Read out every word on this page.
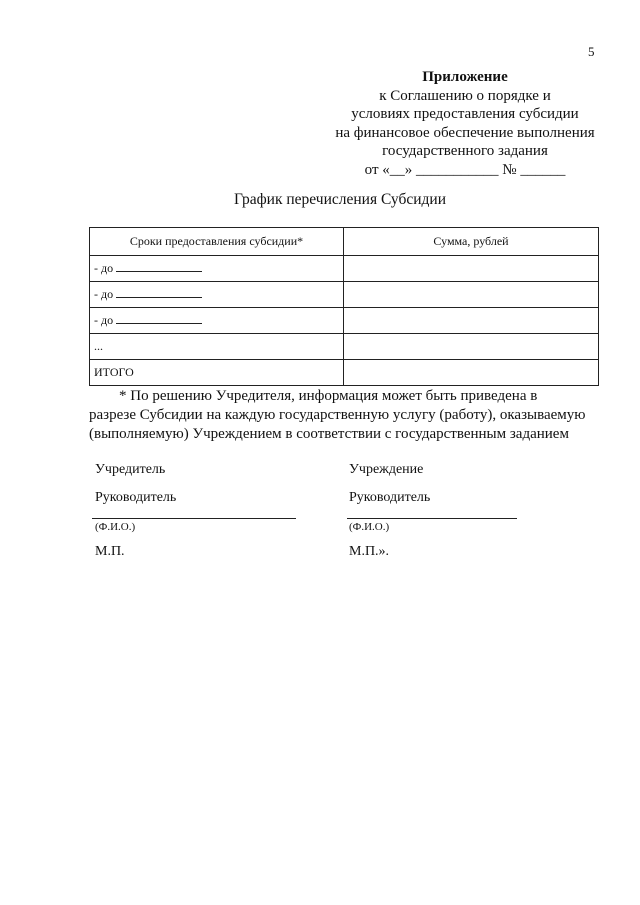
5
Приложение
к Соглашению о порядке и
условиях предоставления субсидии
на финансовое обеспечение выполнения
государственного задания
от «__» ___________ № ______
График перечисления Субсидии
Сроки предоставления субсидии*	Сумма, рублей
- до	
- до	
- до	
...	
ИТОГО	
* По решению Учредителя, информация может быть приведена в
разрезе Субсидии на каждую государственную услугу (работу), оказываемую
(выполняемую) Учреждением в соответствии с государственным заданием
Учредитель
Руководитель
(Ф.И.О.)
М.П.
Учреждение
Руководитель
(Ф.И.О.)
М.П.».
